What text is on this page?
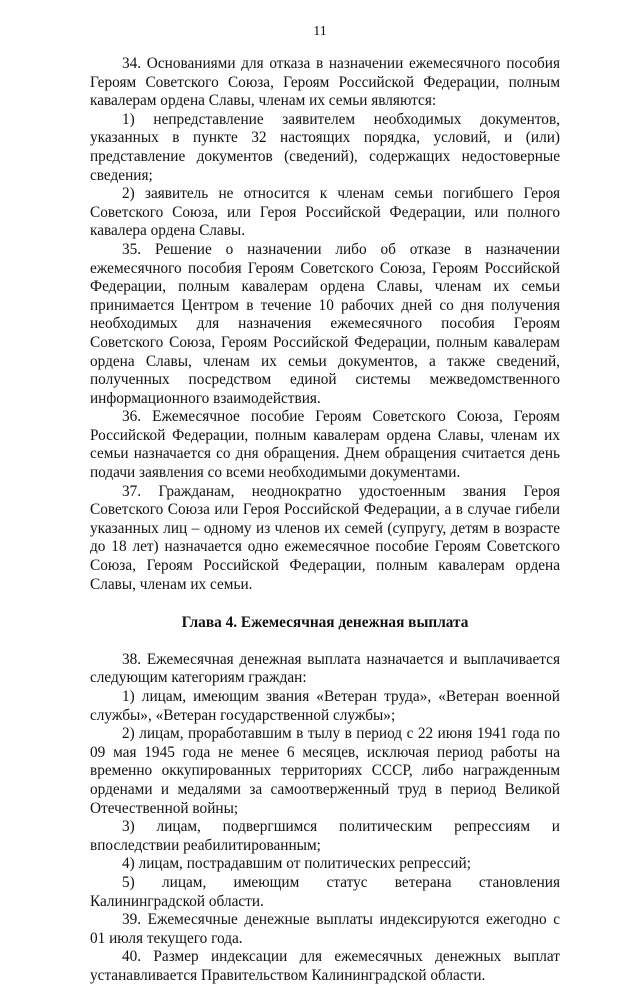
11

34. Основаниями для отказа в назначении ежемесячного пособия Героям Советского Союза, Героям Российской Федерации, полным кавалерам ордена Славы, членам их семьи являются:

1) непредставление заявителем необходимых документов, указанных в пункте 32 настоящих порядка, условий, и (или) представление документов (сведений), содержащих недостоверные сведения;

2) заявитель не относится к членам семьи погибшего Героя Советского Союза, или Героя Российской Федерации, или полного кавалера ордена Славы.

35. Решение о назначении либо об отказе в назначении ежемесячного пособия Героям Советского Союза, Героям Российской Федерации, полным кавалерам ордена Славы, членам их семьи принимается Центром в течение 10 рабочих дней со дня получения необходимых для назначения ежемесячного пособия Героям Советского Союза, Героям Российской Федерации, полным кавалерам ордена Славы, членам их семьи документов, а также сведений, полученных посредством единой системы межведомственного информационного взаимодействия.

36. Ежемесячное пособие Героям Советского Союза, Героям Российской Федерации, полным кавалерам ордена Славы, членам их семьи назначается со дня обращения. Днем обращения считается день подачи заявления со всеми необходимыми документами.

37. Гражданам, неоднократно удостоенным звания Героя Советского Союза или Героя Российской Федерации, а в случае гибели указанных лиц – одному из членов их семей (супругу, детям в возрасте до 18 лет) назначается одно ежемесячное пособие Героям Советского Союза, Героям Российской Федерации, полным кавалерам ордена Славы, членам их семьи.

Глава 4. Ежемесячная денежная выплата

38. Ежемесячная денежная выплата назначается и выплачивается следующим категориям граждан:

1) лицам, имеющим звания «Ветеран труда», «Ветеран военной службы», «Ветеран государственной службы»;

2) лицам, проработавшим в тылу в период с 22 июня 1941 года по 09 мая 1945 года не менее 6 месяцев, исключая период работы на временно оккупированных территориях СССР, либо награжденным орденами и медалями за самоотверженный труд в период Великой Отечественной войны;

3) лицам, подвергшимся политическим репрессиям и впоследствии реабилитированным;

4) лицам, пострадавшим от политических репрессий;

5) лицам, имеющим статус ветерана становления Калининградской области.

39. Ежемесячные денежные выплаты индексируются ежегодно с 01 июля текущего года.

40. Размер индексации для ежемесячных денежных выплат устанавливается Правительством Калининградской области.
